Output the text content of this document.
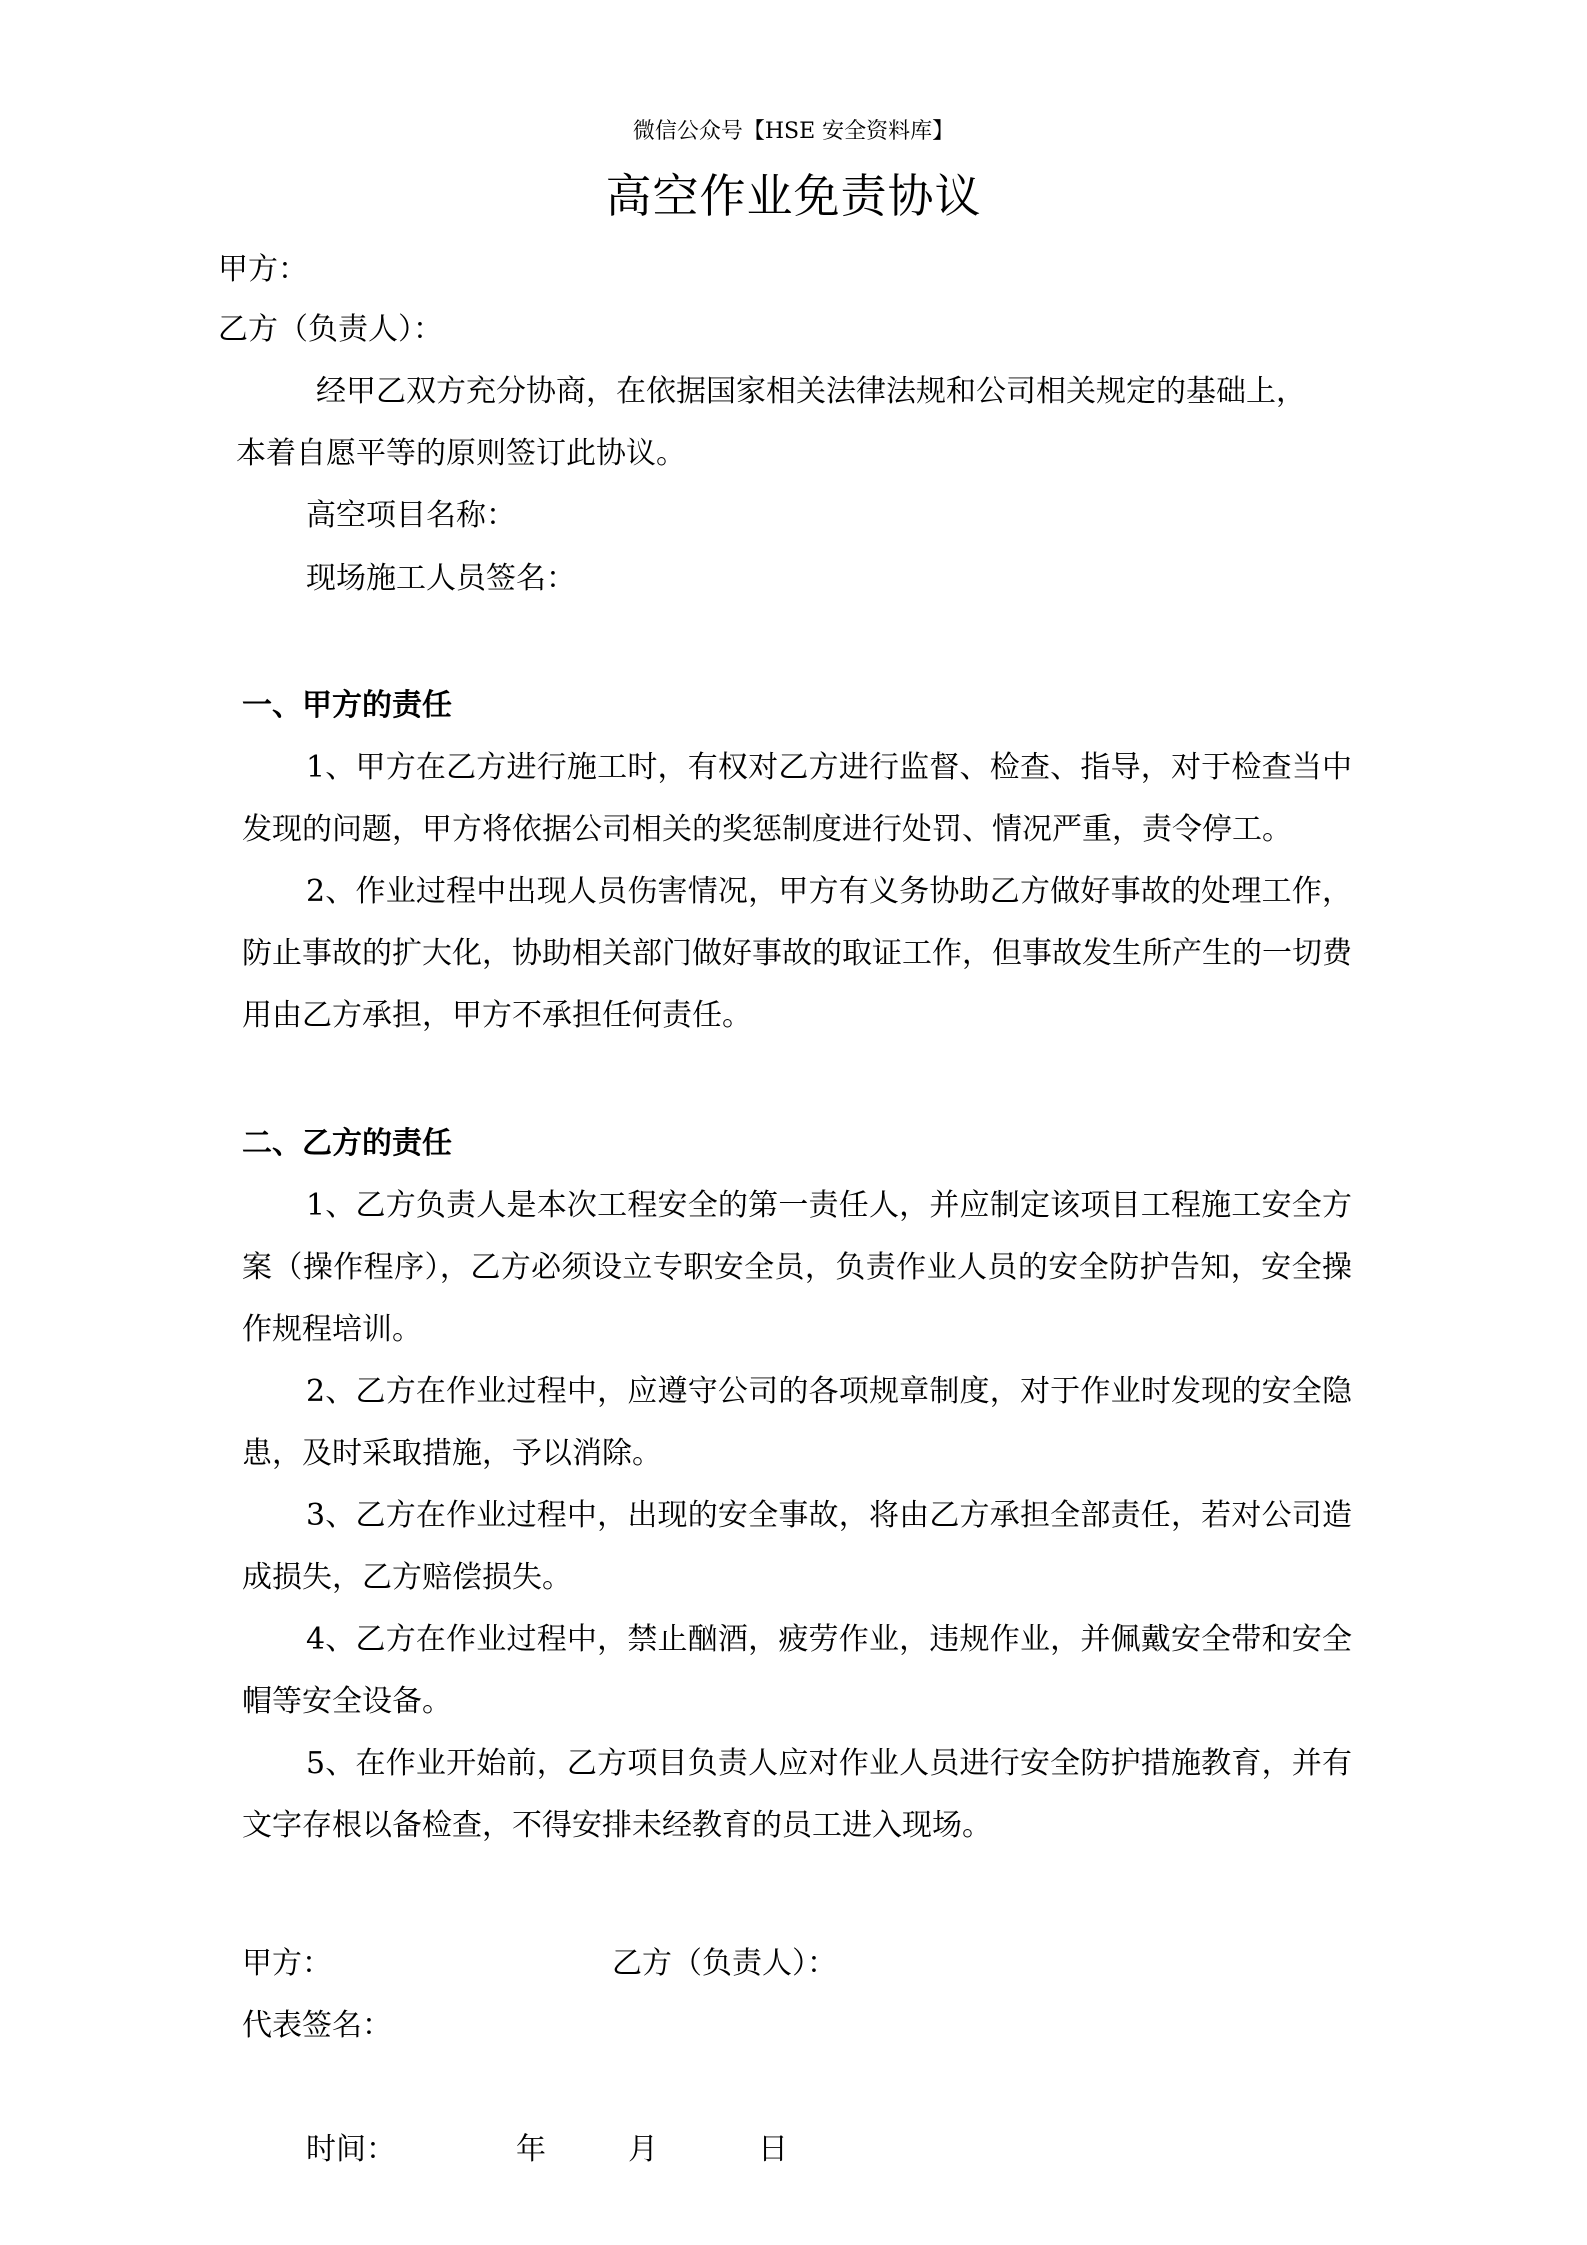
微信公众号【HSE 安全资料库】
高空作业免责协议
甲方：
乙方（负责人）：
经甲乙双方充分协商，在依据国家相关法律法规和公司相关规定的基础上，
本着自愿平等的原则签订此协议。
高空项目名称：
现场施工人员签名：
一、甲方的责任
1、甲方在乙方进行施工时，有权对乙方进行监督、检查、指导，对于检查当中发现的问题，甲方将依据公司相关的奖惩制度进行处罚、情况严重，责令停工。
2、作业过程中出现人员伤害情况，甲方有义务协助乙方做好事故的处理工作，防止事故的扩大化，协助相关部门做好事故的取证工作，但事故发生所产生的一切费用由乙方承担，甲方不承担任何责任。
二、乙方的责任
1、乙方负责人是本次工程安全的第一责任人，并应制定该项目工程施工安全方案（操作程序），乙方必须设立专职安全员，负责作业人员的安全防护告知，安全操作规程培训。
2、乙方在作业过程中，应遵守公司的各项规章制度，对于作业时发现的安全隐患，及时采取措施，予以消除。
3、乙方在作业过程中，出现的安全事故，将由乙方承担全部责任，若对公司造成损失，乙方赔偿损失。
4、乙方在作业过程中，禁止酗酒，疲劳作业，违规作业，并佩戴安全带和安全帽等安全设备。
5、在作业开始前，乙方项目负责人应对作业人员进行安全防护措施教育，并有文字存根以备检查，不得安排未经教育的员工进入现场。
甲方：	乙方（负责人）：
代表签名：
时间：	年	月	日
